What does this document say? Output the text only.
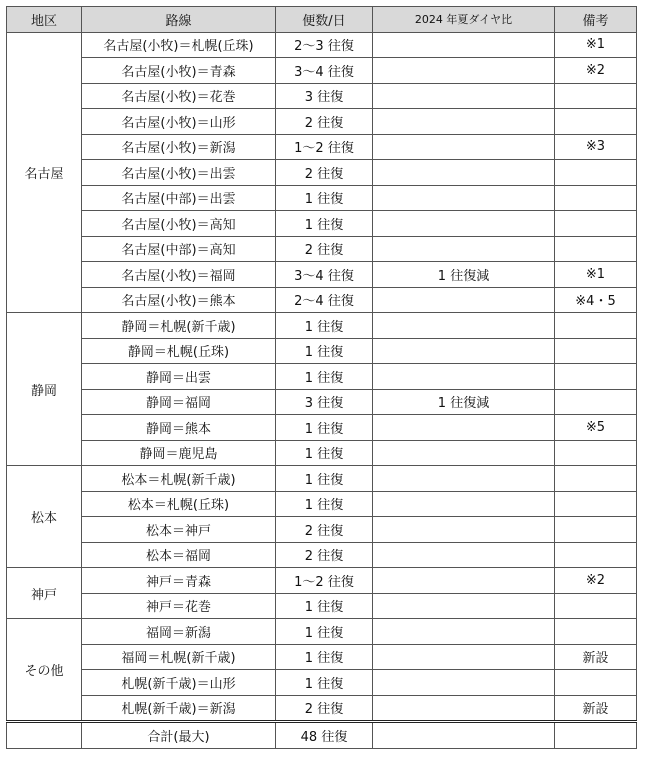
地区	路線	便数/日	2024 年夏ダイヤ比	備考
名古屋	名古屋(小牧)＝札幌(丘珠)	2〜3 往復		※1
	名古屋(小牧)＝青森	3〜4 往復		※2
	名古屋(小牧)＝花巻	3 往復		
	名古屋(小牧)＝山形	2 往復		
	名古屋(小牧)＝新潟	1〜2 往復		※3
	名古屋(小牧)＝出雲	2 往復		
	名古屋(中部)＝出雲	1 往復		
	名古屋(小牧)＝高知	1 往復		
	名古屋(中部)＝高知	2 往復		
	名古屋(小牧)＝福岡	3〜4 往復	1 往復減	※1
	名古屋(小牧)＝熊本	2〜4 往復		※4・5
静岡	静岡＝札幌(新千歳)	1 往復		
	静岡＝札幌(丘珠)	1 往復		
	静岡＝出雲	1 往復		
	静岡＝福岡	3 往復	1 往復減	
	静岡＝熊本	1 往復		※5
	静岡＝鹿児島	1 往復		
松本	松本＝札幌(新千歳)	1 往復		
	松本＝札幌(丘珠)	1 往復		
	松本＝神戸	2 往復		
	松本＝福岡	2 往復		
神戸	神戸＝青森	1〜2 往復		※2
	神戸＝花巻	1 往復		
その他	福岡＝新潟	1 往復		
	福岡＝札幌(新千歳)	1 往復		新設
	札幌(新千歳)＝山形	1 往復		
	札幌(新千歳)＝新潟	2 往復		新設
	合計(最大)	48 往復		
